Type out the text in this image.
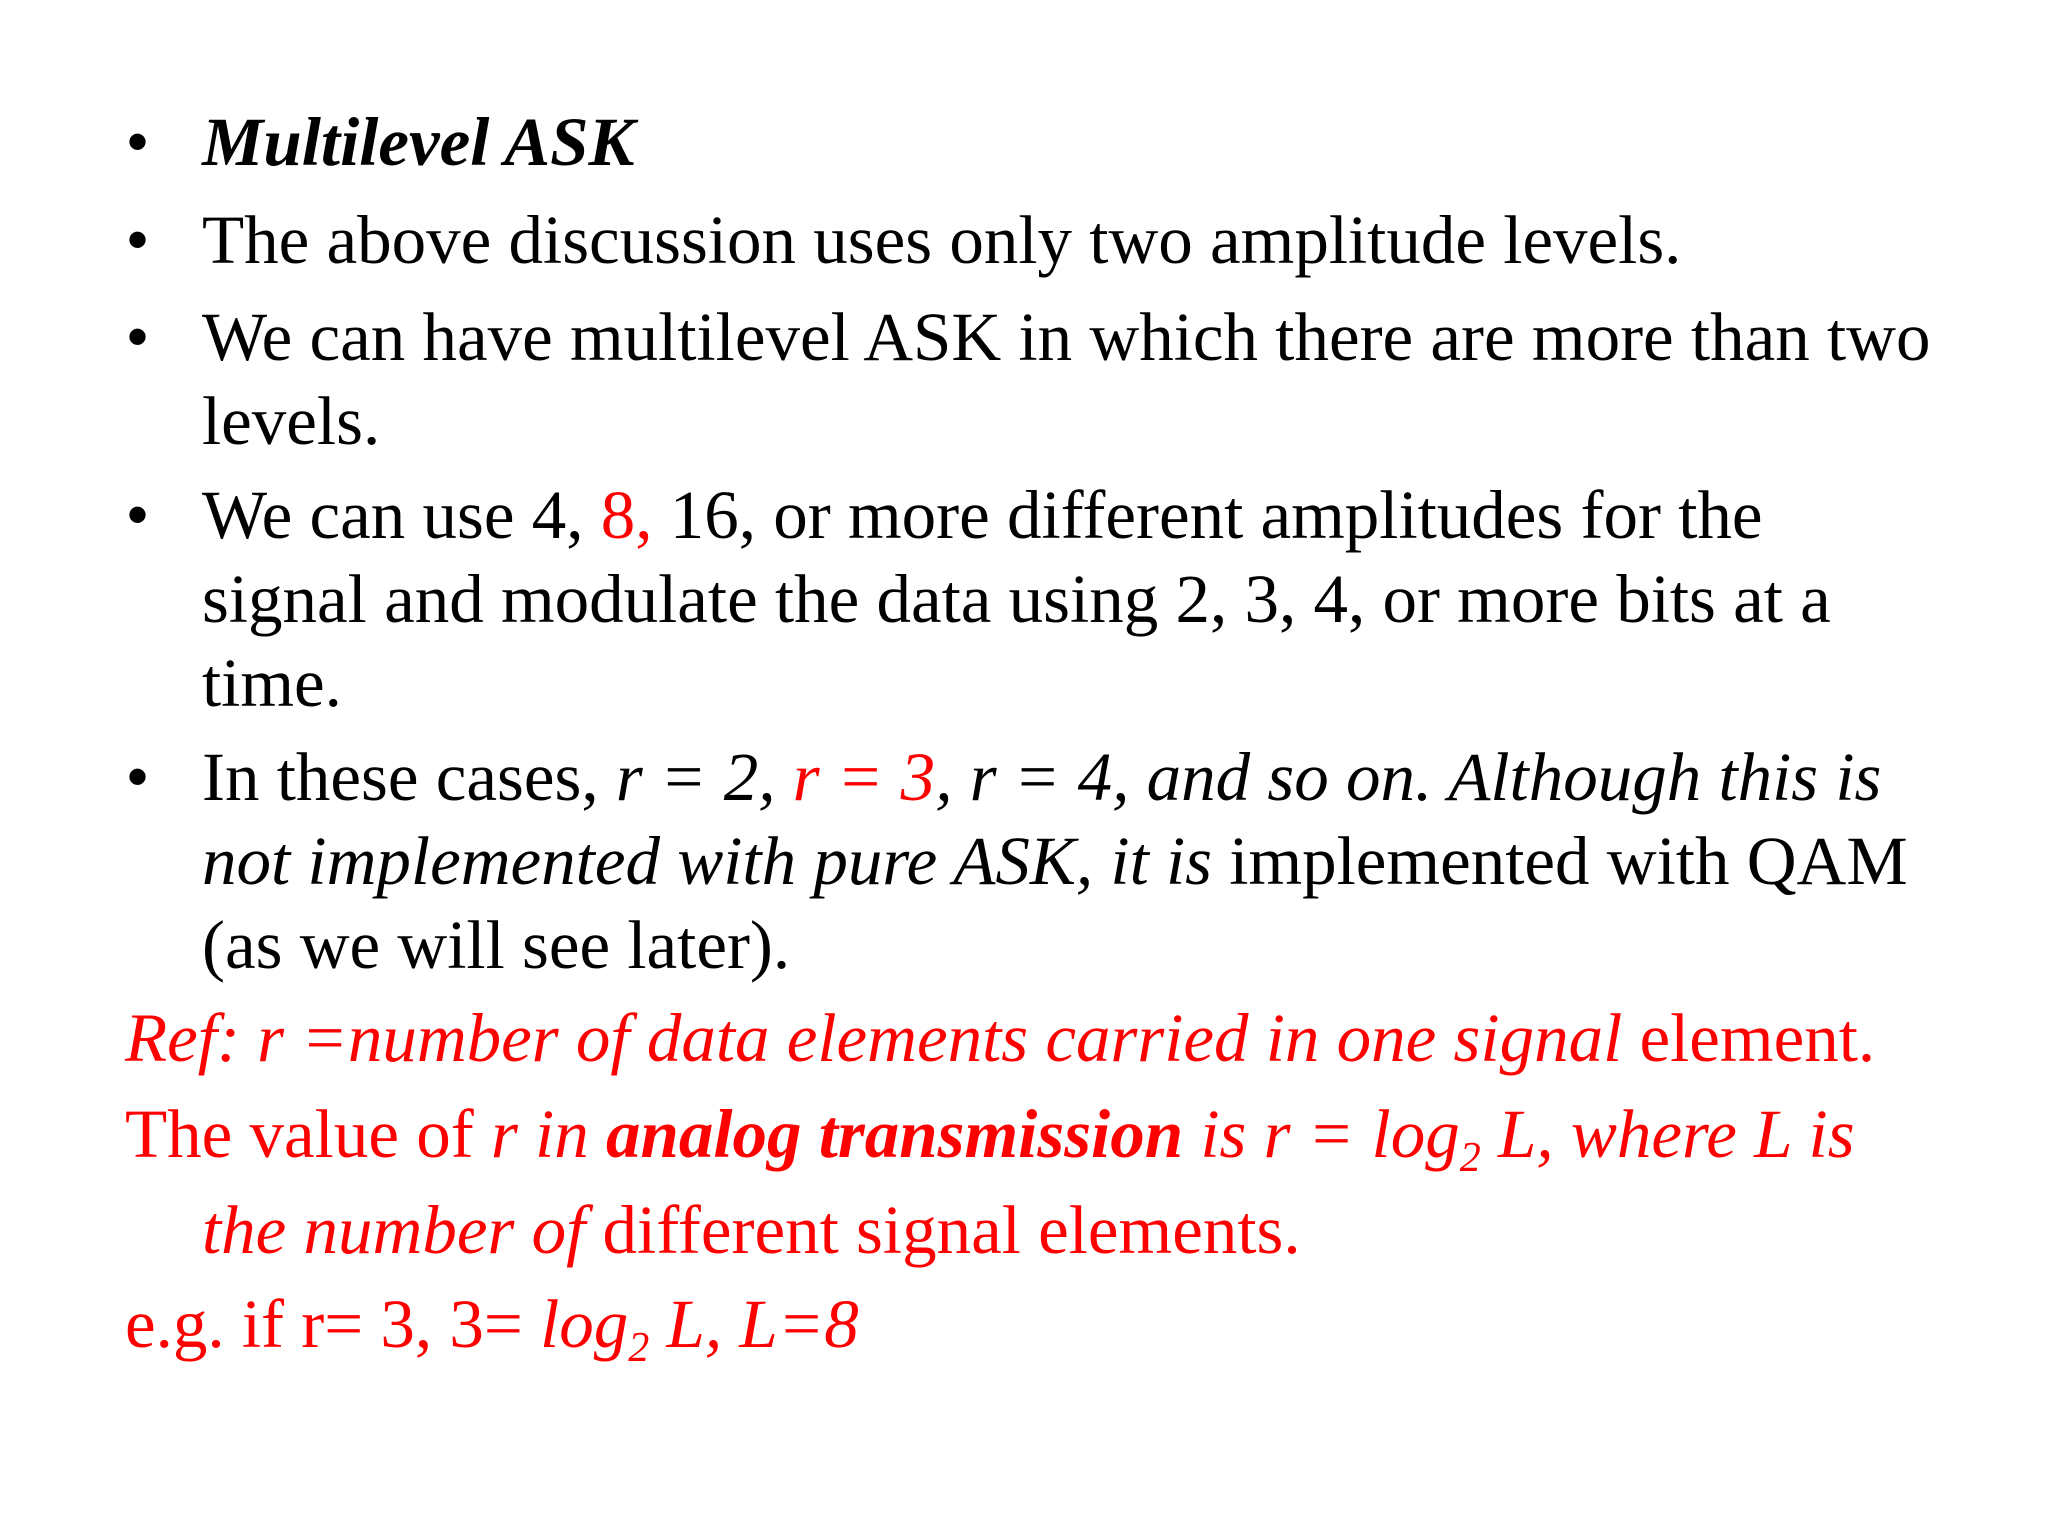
• Multilevel ASK
• The above discussion uses only two amplitude levels.
• We can have multilevel ASK in which there are more than two
levels.
• We can use 4, 8, 16, or more different amplitudes for the
signal and modulate the data using 2, 3, 4, or more bits at a
time.
• In these cases, r = 2, r = 3, r = 4, and so on. Although this is
not implemented with pure ASK, it is implemented with QAM
(as we will see later).
Ref: r =number of data elements carried in one signal element.
The value of r in analog transmission is $r = \log_2 L$, where L is
the number of different signal elements.
e.g. if r= 3, $3= \log_2 L$, L=8
